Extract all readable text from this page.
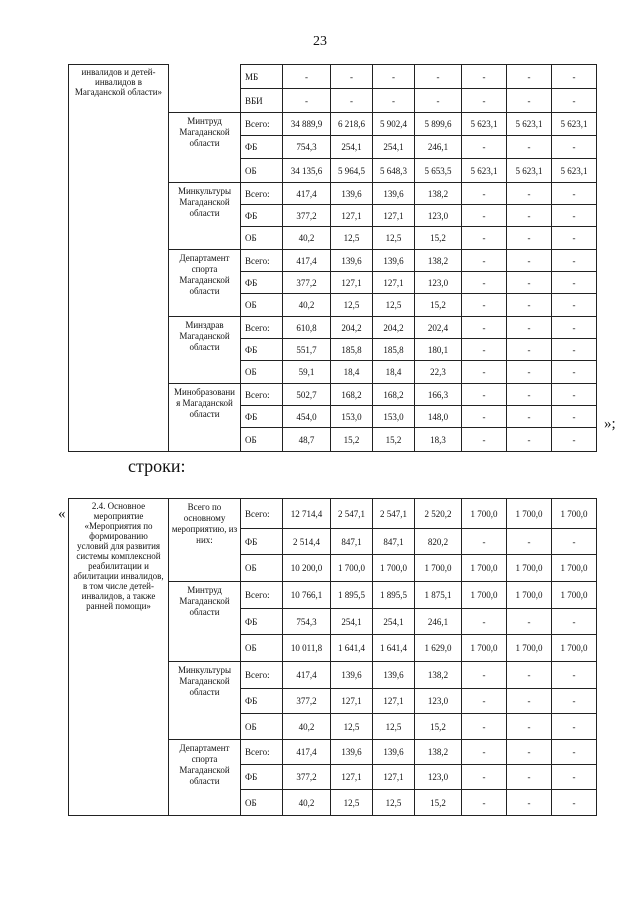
23
инвалидов и детей-инвалидов в Магаданской области»		МБ	-	-	-	-	-	-	-
		ВБИ	-	-	-	-	-	-	-
	Минтруд Магаданской области	Всего:	34 889,9	6 218,6	5 902,4	5 899,6	5 623,1	5 623,1	5 623,1
		ФБ	754,3	254,1	254,1	246,1	-	-	-
		ОБ	34 135,6	5 964,5	5 648,3	5 653,5	5 623,1	5 623,1	5 623,1
	Минкультуры Магаданской области	Всего:	417,4	139,6	139,6	138,2	-	-	-
		ФБ	377,2	127,1	127,1	123,0	-	-	-
		ОБ	40,2	12,5	12,5	15,2	-	-	-
	Департамент спорта Магаданской области	Всего:	417,4	139,6	139,6	138,2	-	-	-
		ФБ	377,2	127,1	127,1	123,0	-	-	-
		ОБ	40,2	12,5	12,5	15,2	-	-	-
	Минздрав Магаданской области	Всего:	610,8	204,2	204,2	202,4	-	-	-
		ФБ	551,7	185,8	185,8	180,1	-	-	-
		ОБ	59,1	18,4	18,4	22,3	-	-	-
	Минобразовани я Магаданской области	Всего:	502,7	168,2	168,2	166,3	-	-	-
		ФБ	454,0	153,0	153,0	148,0	-	-	-
		ОБ	48,7	15,2	15,2	18,3	-	-	-
»;
строки:
«	2.4. Основное мероприятие «Мероприятия по формированию условий для развития системы комплексной реабилитации и абилитации инвалидов, в том числе детей-инвалидов, а также ранней помощи»	Всего по основному мероприятию, из них:	Всего:	12 714,4	2 547,1	2 547,1	2 520,2	1 700,0	1 700,0	1 700,0
		ФБ	2 514,4	847,1	847,1	820,2	-	-	-
		ОБ	10 200,0	1 700,0	1 700,0	1 700,0	1 700,0	1 700,0	1 700,0
	Минтруд Магаданской области	Всего:	10 766,1	1 895,5	1 895,5	1 875,1	1 700,0	1 700,0	1 700,0
		ФБ	754,3	254,1	254,1	246,1	-	-	-
		ОБ	10 011,8	1 641,4	1 641,4	1 629,0	1 700,0	1 700,0	1 700,0
	Минкультуры Магаданской области	Всего:	417,4	139,6	139,6	138,2	-	-	-
		ФБ	377,2	127,1	127,1	123,0	-	-	-
		ОБ	40,2	12,5	12,5	15,2	-	-	-
	Департамент спорта Магаданской области	Всего:	417,4	139,6	139,6	138,2	-	-	-
		ФБ	377,2	127,1	127,1	123,0	-	-	-
		ОБ	40,2	12,5	12,5	15,2	-	-	-
